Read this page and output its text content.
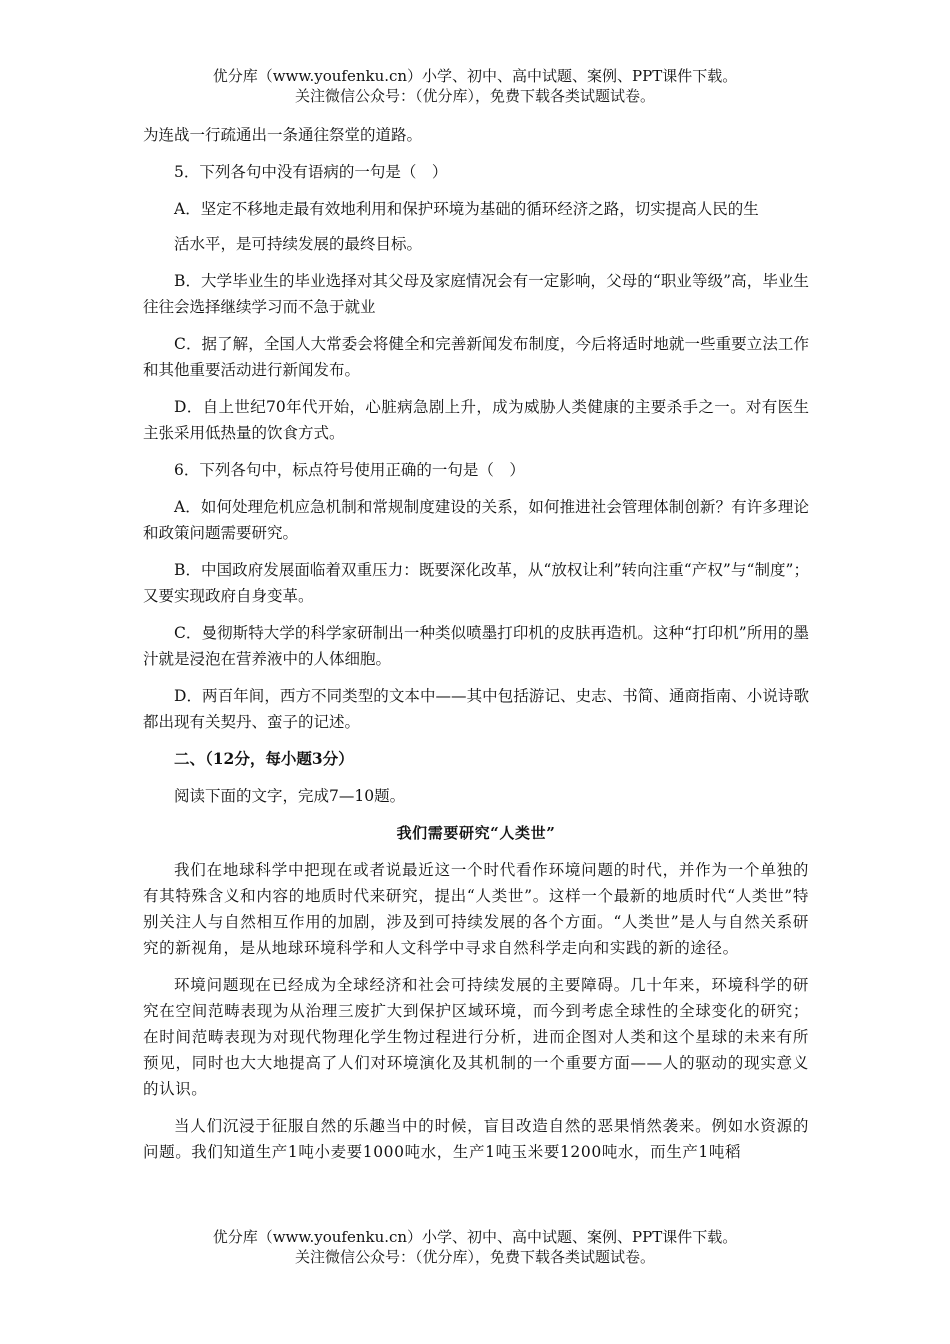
优分库（www.youfenku.cn）小学、初中、高中试题、案例、PPT课件下载。
关注微信公众号：（优分库），免费下载各类试题试卷。

为连战一行疏通出一条通往祭堂的道路。

5．下列各句中没有语病的一句是（　）

A．坚定不移地走最有效地利用和保护环境为基础的循环经济之路，切实提高人民的生

活水平，是可持续发展的最终目标。

B．大学毕业生的毕业选择对其父母及家庭情况会有一定影响，父母的“职业等级”高，毕业生往往会选择继续学习而不急于就业

C．据了解，全国人大常委会将健全和完善新闻发布制度，今后将适时地就一些重要立法工作和其他重要活动进行新闻发布。

D．自上世纪70年代开始，心脏病急剧上升，成为威胁人类健康的主要杀手之一。对有医生主张采用低热量的饮食方式。

6．下列各句中，标点符号使用正确的一句是（　）

A．如何处理危机应急机制和常规制度建设的关系，如何推进社会管理体制创新？有许多理论和政策问题需要研究。

B．中国政府发展面临着双重压力：既要深化改革，从“放权让利”转向注重“产权”与“制度”；又要实现政府自身变革。

C．曼彻斯特大学的科学家研制出一种类似喷墨打印机的皮肤再造机。这种“打印机”所用的墨汁就是浸泡在营养液中的人体细胞。

D．两百年间，西方不同类型的文本中——其中包括游记、史志、书简、通商指南、小说诗歌都出现有关契丹、蛮子的记述。

二、（12分，每小题3分）

阅读下面的文字，完成7—10题。

我们需要研究“人类世”

我们在地球科学中把现在或者说最近这一个时代看作环境问题的时代，并作为一个单独的有其特殊含义和内容的地质时代来研究，提出“人类世”。这样一个最新的地质时代“人类世”特别关注人与自然相互作用的加剧，涉及到可持续发展的各个方面。“人类世”是人与自然关系研究的新视角，是从地球环境科学和人文科学中寻求自然科学走向和实践的新的途径。

环境问题现在已经成为全球经济和社会可持续发展的主要障碍。几十年来，环境科学的研究在空间范畴表现为从治理三废扩大到保护区域环境，而今到考虑全球性的全球变化的研究；在时间范畴表现为对现代物理化学生物过程进行分析，进而企图对人类和这个星球的未来有所预见，同时也大大地提高了人们对环境演化及其机制的一个重要方面——人的驱动的现实意义的认识。

当人们沉浸于征服自然的乐趣当中的时候，盲目改造自然的恶果悄然袭来。例如水资源的问题。我们知道生产1吨小麦要1000吨水，生产1吨玉米要1200吨水，而生产1吨稻

优分库（www.youfenku.cn）小学、初中、高中试题、案例、PPT课件下载。
关注微信公众号：（优分库），免费下载各类试题试卷。
